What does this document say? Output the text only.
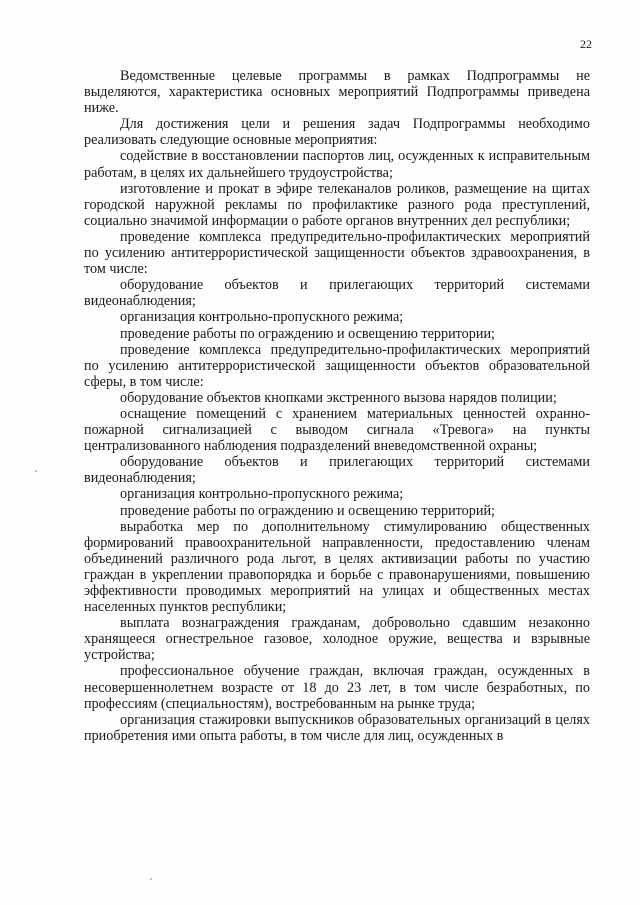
22

Ведомственные целевые программы в рамках Подпрограммы не выделяются, характеристика основных мероприятий Подпрограммы приведена ниже.

Для достижения цели и решения задач Подпрограммы необходимо реализовать следующие основные мероприятия:

содействие в восстановлении паспортов лиц, осужденных к исправительным работам, в целях их дальнейшего трудоустройства;

изготовление и прокат в эфире телеканалов роликов, размещение на щитах городской наружной рекламы по профилактике разного рода преступлений, социально значимой информации о работе органов внутренних дел республики;

проведение комплекса предупредительно-профилактических мероприятий по усилению антитеррористической защищенности объектов здравоохранения, в том числе:

оборудование объектов и прилегающих территорий системами видеонаблюдения;

организация контрольно-пропускного режима;

проведение работы по ограждению и освещению территории;

проведение комплекса предупредительно-профилактических мероприятий по усилению антитеррористической защищенности объектов образовательной сферы, в том числе:

оборудование объектов кнопками экстренного вызова нарядов полиции;

оснащение помещений с хранением материальных ценностей охранно-пожарной сигнализацией с выводом сигнала «Тревога» на пункты централизованного наблюдения подразделений вневедомственной охраны;

оборудование объектов и прилегающих территорий системами видеонаблюдения;

организация контрольно-пропускного режима;

проведение работы по ограждению и освещению территорий;

выработка мер по дополнительному стимулированию общественных формирований правоохранительной направленности, предоставлению членам объединений различного рода льгот, в целях активизации работы по участию граждан в укреплении правопорядка и борьбе с правонарушениями, повышению эффективности проводимых мероприятий на улицах и общественных местах населенных пунктов республики;

выплата вознаграждения гражданам, добровольно сдавшим незаконно хранящееся огнестрельное газовое, холодное оружие, вещества и взрывные устройства;

профессиональное обучение граждан, включая граждан, осужденных в несовершеннолетнем возрасте от 18 до 23 лет, в том числе безработных, по профессиям (специальностям), востребованным на рынке труда;

организация стажировки выпускников образовательных организаций в целях приобретения ими опыта работы, в том числе для лиц, осужденных в
